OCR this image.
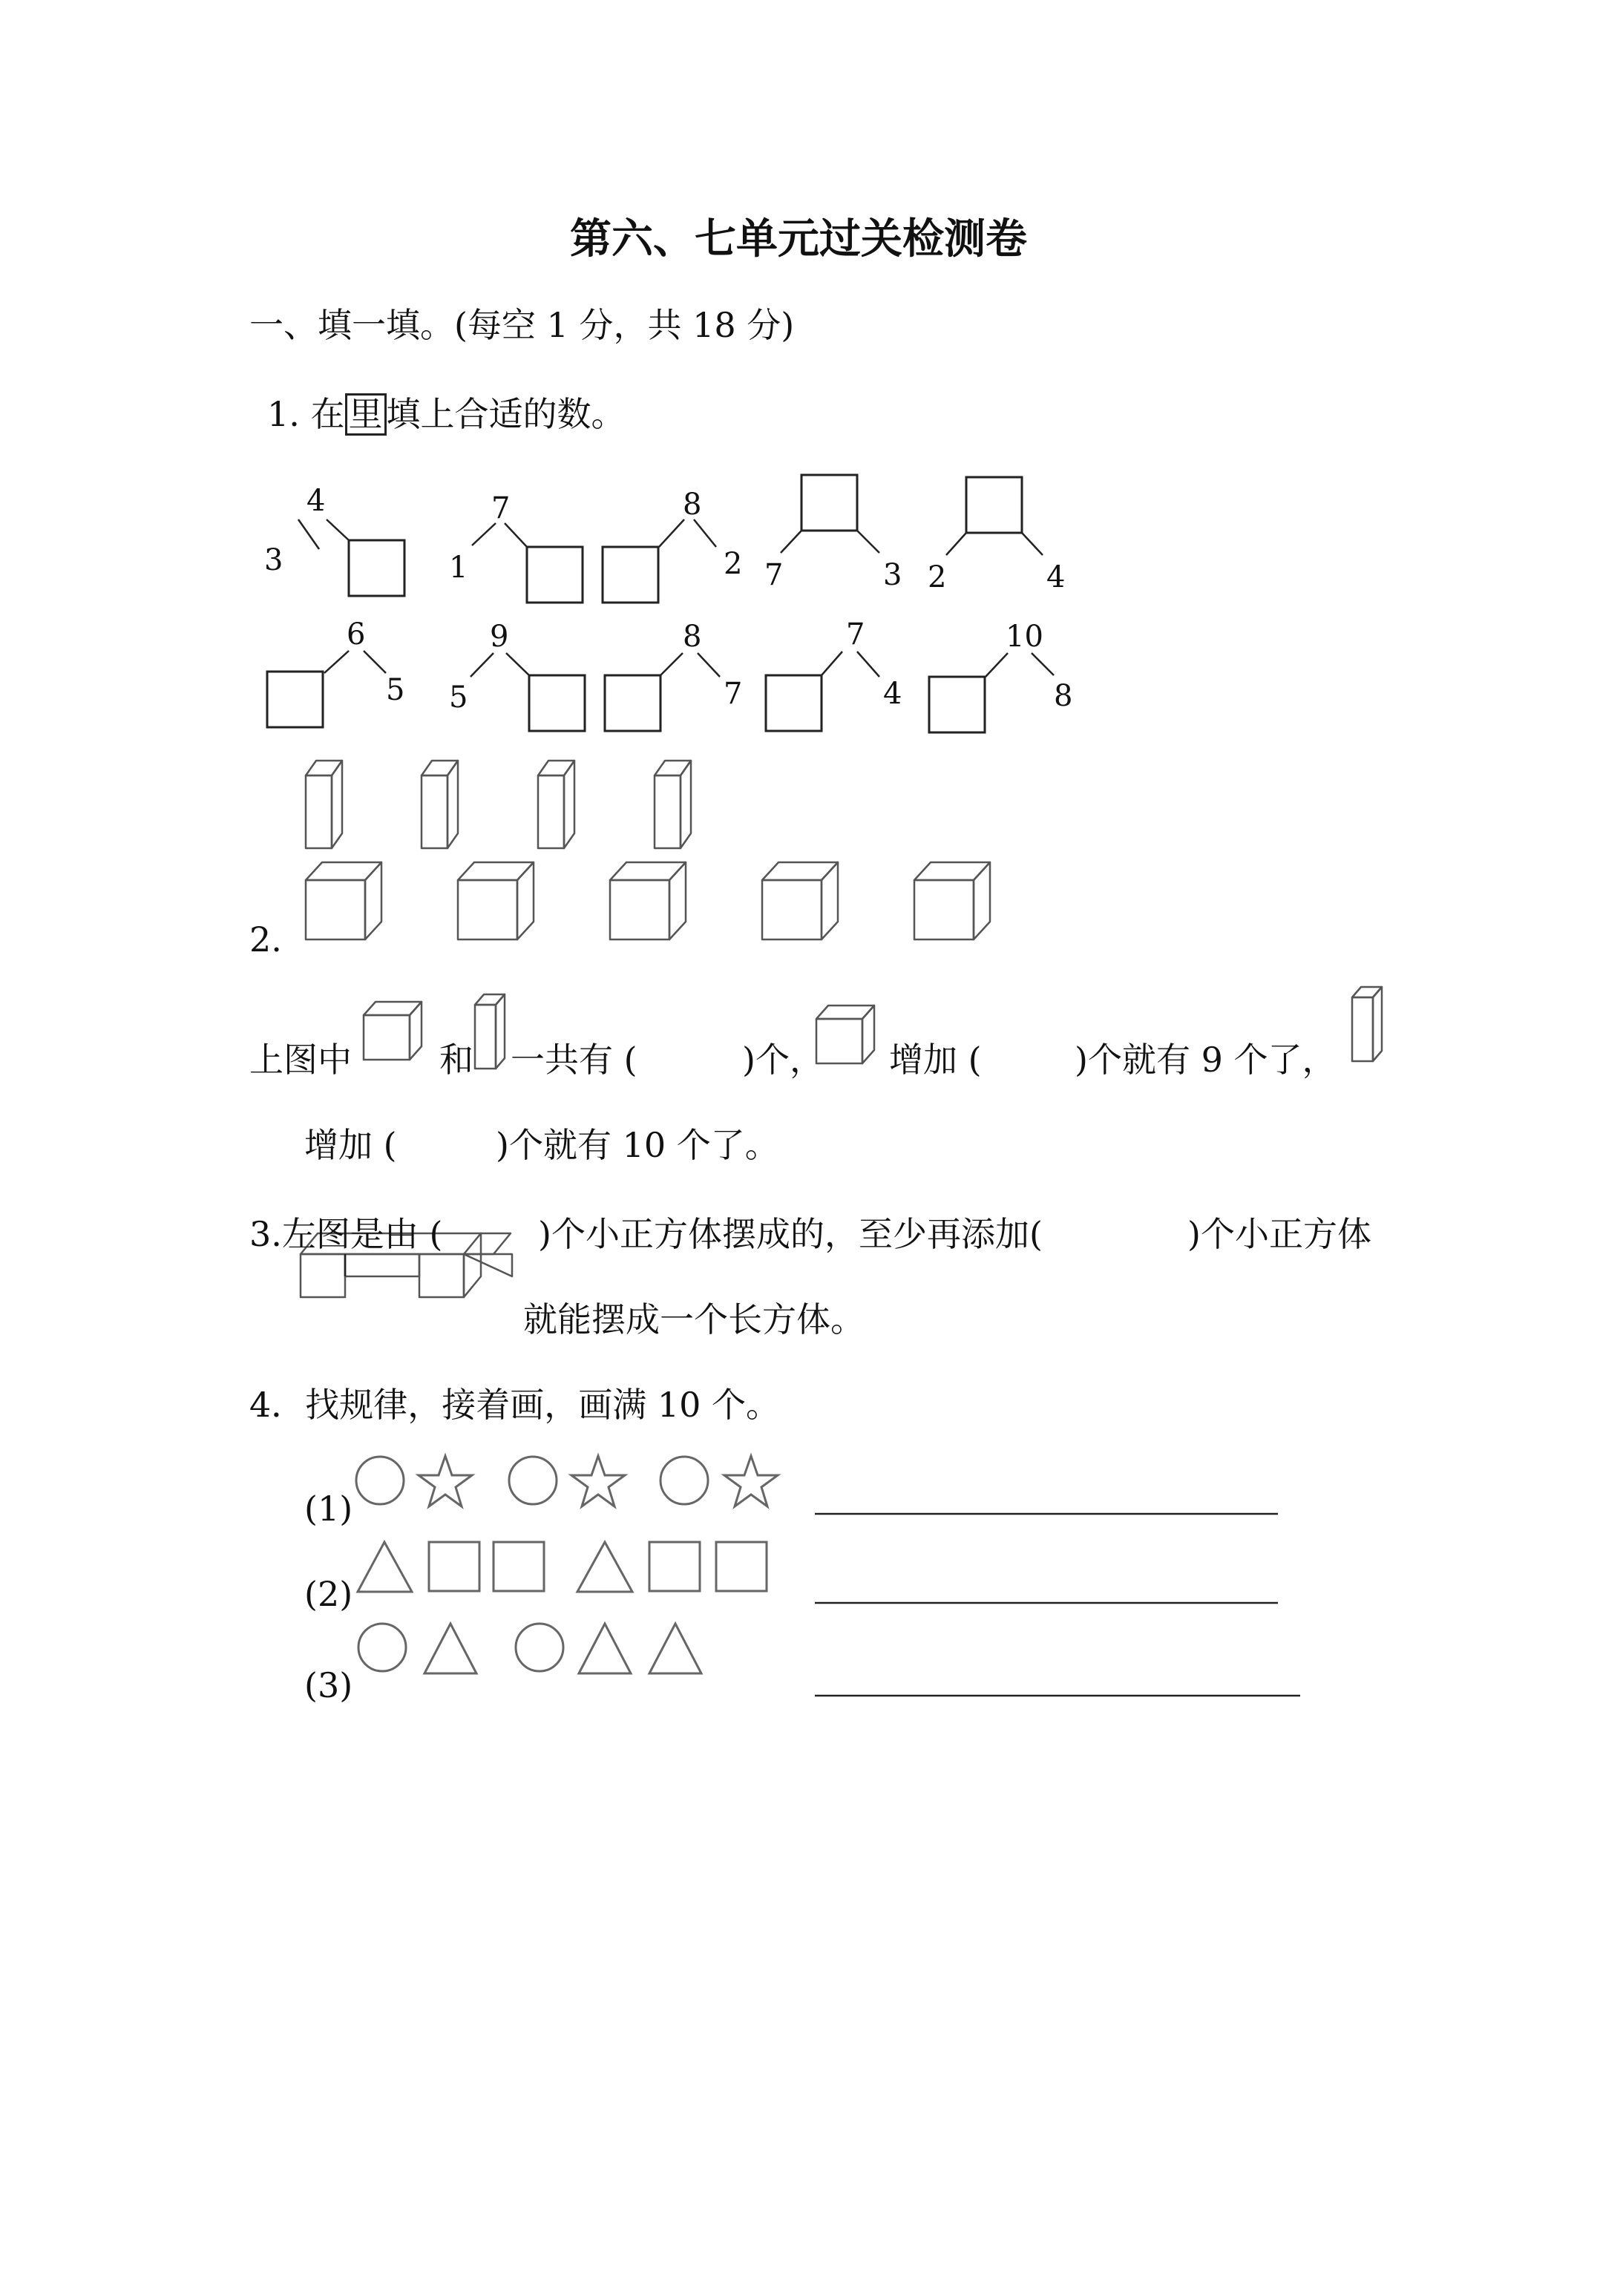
第六、七单元过关检测卷
一、填一填。(每空 1 分，共 18 分)
1. 在 里 填上合适的数。
4
3
7
1
8
2 7	3 2	4
6
5
9
5
8
7
7
4
10
8
2.
上图中	和 一共有 (	)个， 增加 (	)个就有 9 个了，
增加 (	)个就有 10 个了。
3.左图是由 (	)个小正方体摆成的，至少再添加(	)个小正方体
就能摆成一个长方体。
4．找规律，接着画，画满 10 个。
(1)
(2)
(3)
